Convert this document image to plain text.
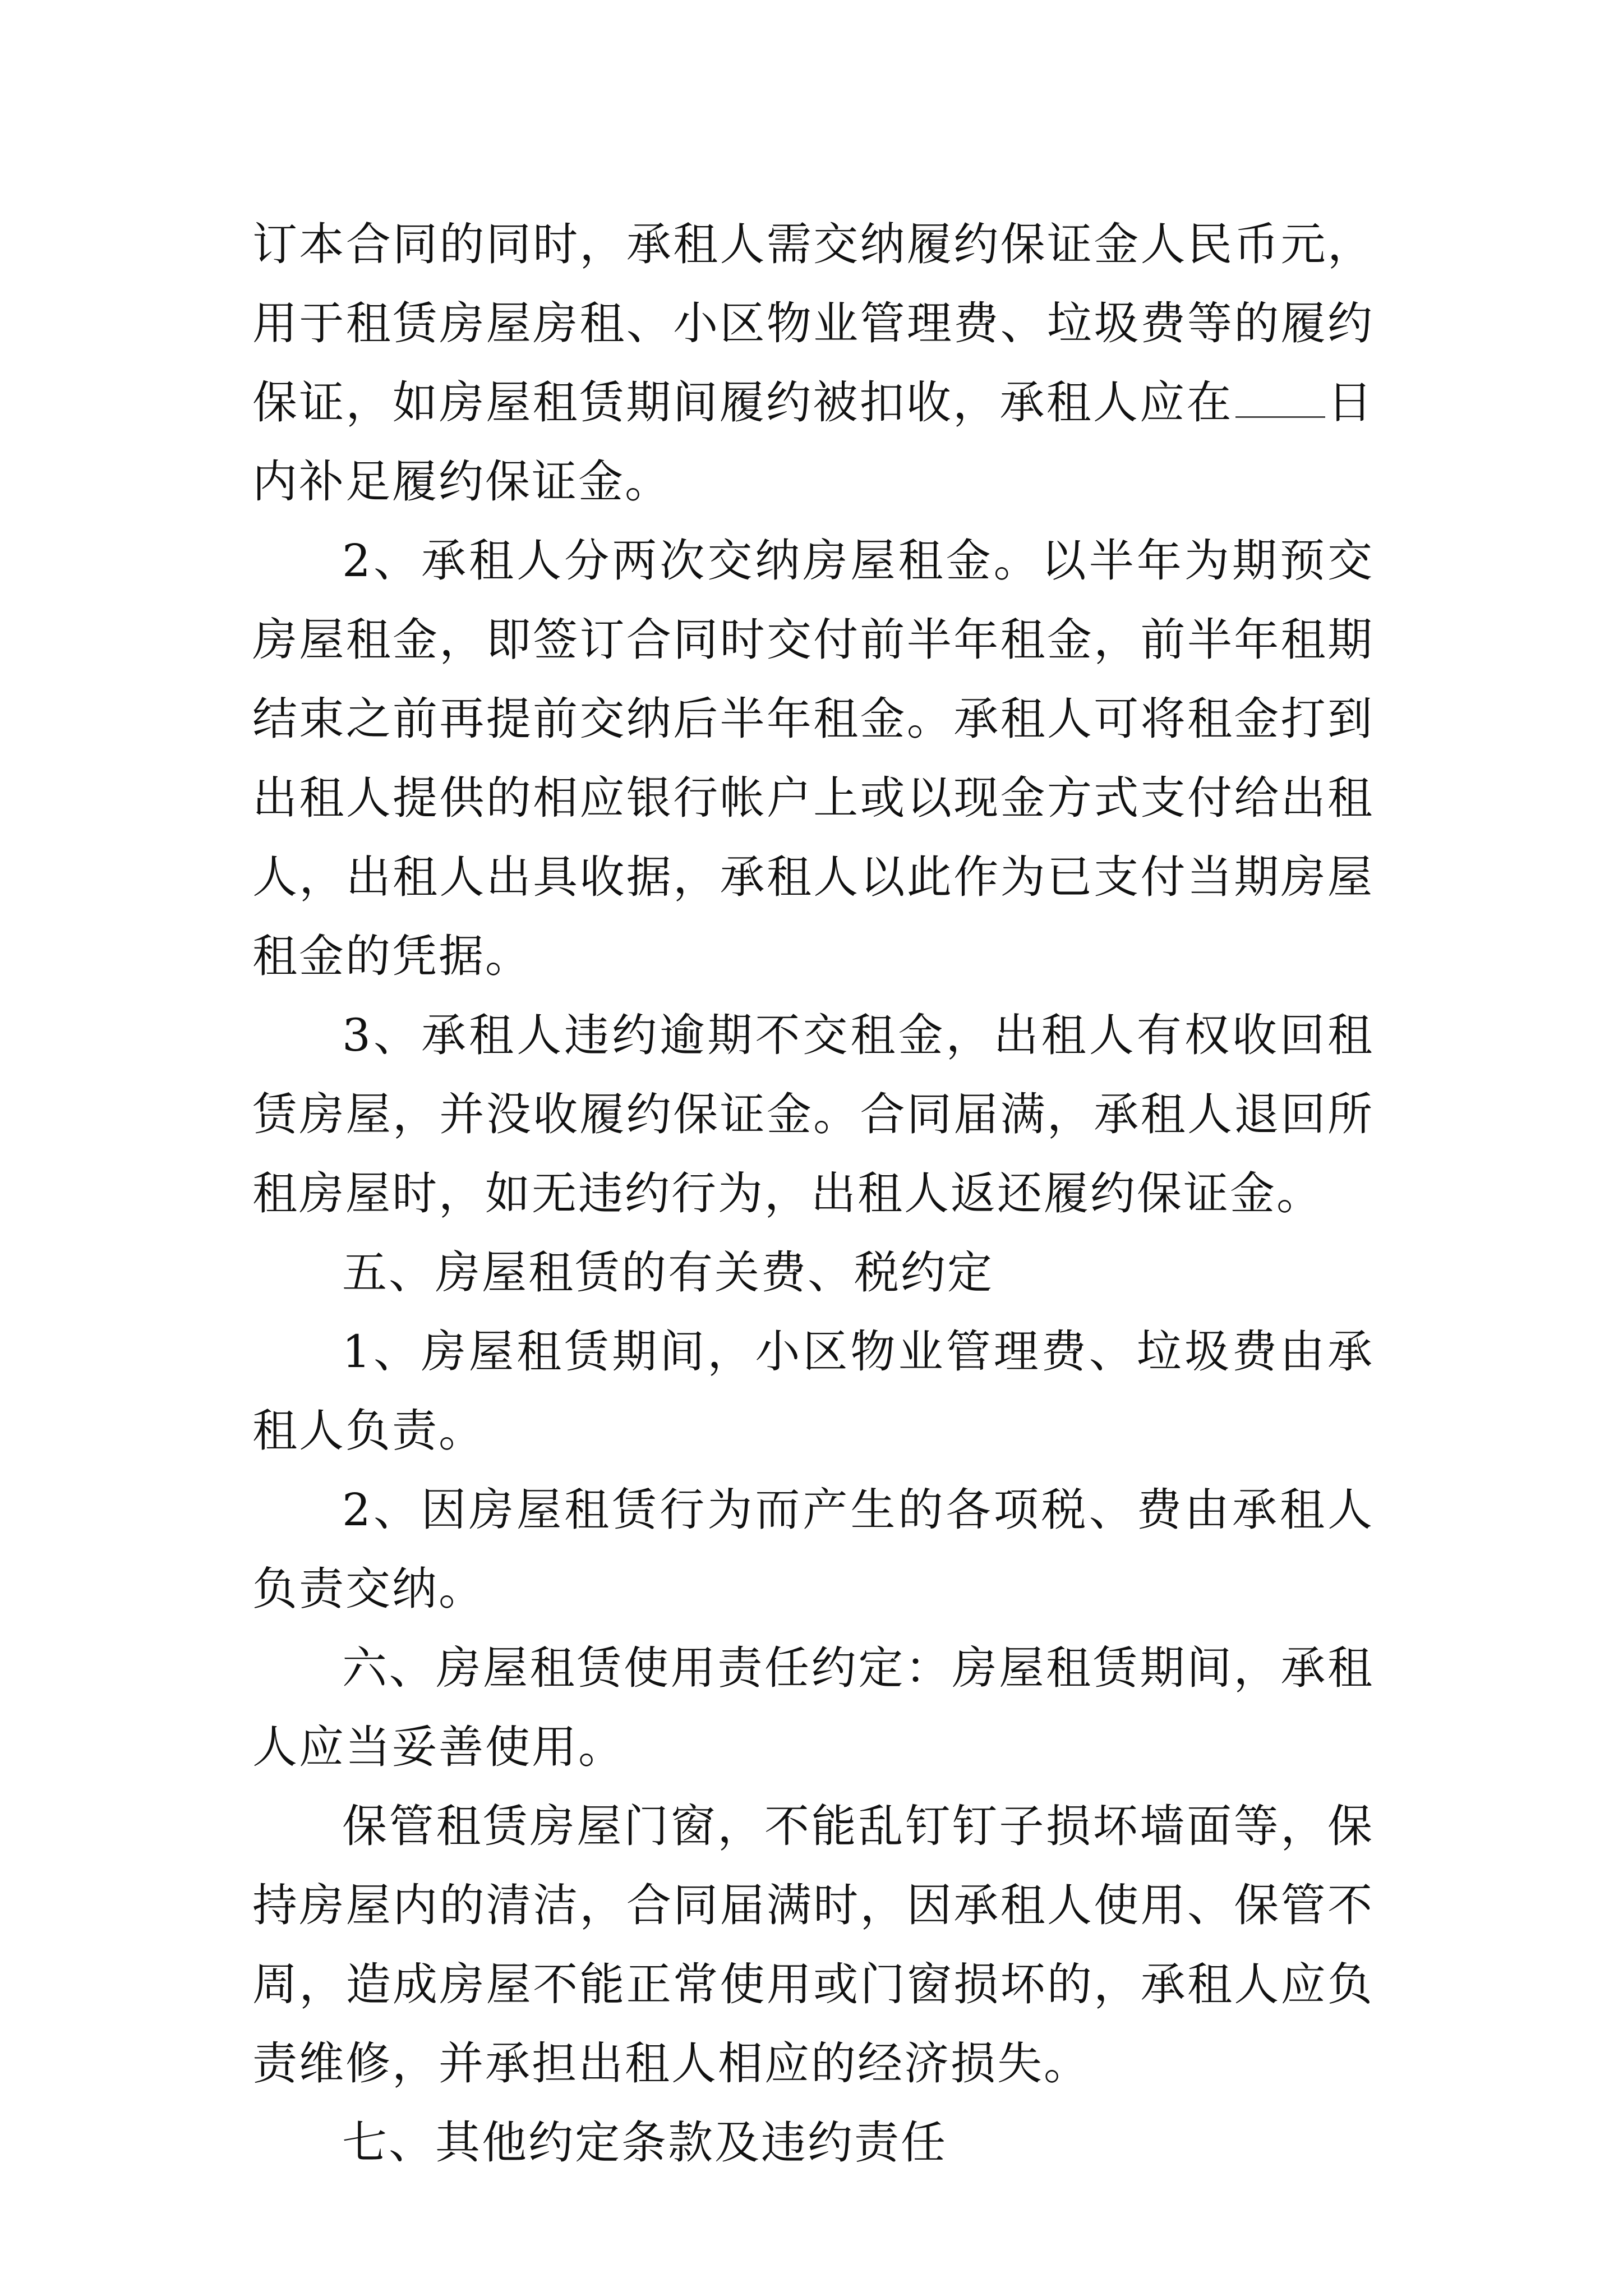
订本合同的同时，承租人需交纳履约保证金人民币元，用于租赁房屋房租、小区物业管理费、垃圾费等的履约保证，如房屋租赁期间履约被扣收，承租人应在 日内补足履约保证金。

2、承租人分两次交纳房屋租金。以半年为期预交房屋租金，即签订合同时交付前半年租金，前半年租期结束之前再提前交纳后半年租金。承租人可将租金打到出租人提供的相应银行帐户上或以现金方式支付给出租人，出租人出具收据，承租人以此作为已支付当期房屋租金的凭据。

3、承租人违约逾期不交租金，出租人有权收回租赁房屋，并没收履约保证金。合同届满，承租人退回所租房屋时，如无违约行为，出租人返还履约保证金。

五、房屋租赁的有关费、税约定

1、房屋租赁期间，小区物业管理费、垃圾费由承租人负责。

2、因房屋租赁行为而产生的各项税、费由承租人负责交纳。

六、房屋租赁使用责任约定：房屋租赁期间，承租人应当妥善使用。

保管租赁房屋门窗，不能乱钉钉子损坏墙面等，保持房屋内的清洁，合同届满时，因承租人使用、保管不周，造成房屋不能正常使用或门窗损坏的，承租人应负责维修，并承担出租人相应的经济损失。

七、其他约定条款及违约责任
